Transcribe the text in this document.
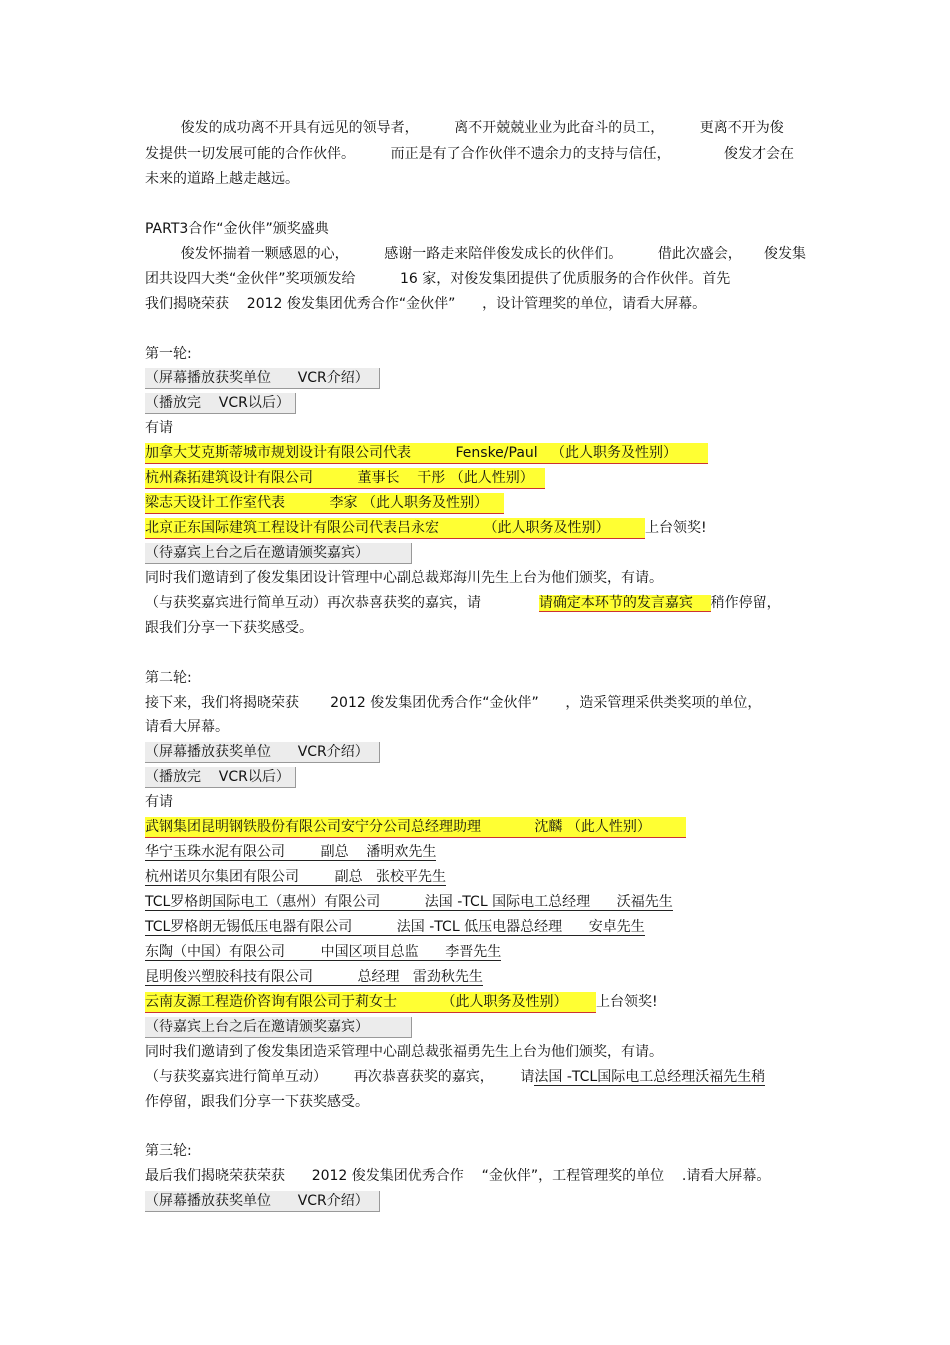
俊发的成功离不开具有远见的领导者，        离不开兢兢业业为此奋斗的员工，        更离不开为俊
发提供一切发展可能的合作伙伴。        而正是有了合作伙伴不遗余力的支持与信任，            俊发才会在
未来的道路上越走越远。
PART3合作“金伙伴”颁奖盛典
俊发怀揣着一颗感恩的心，        感谢一路走来陪伴俊发成长的伙伴们。        借此次盛会，     俊发集
团共设四大类“金伙伴”奖项颁发给          16 家，对俊发集团提供了优质服务的合作伙伴。首先
我们揭晓荣获    2012 俊发集团优秀合作“金伙伴”      ，设计管理奖的单位，请看大屏幕。
第一轮:
（屏幕播放获奖单位      VCR介绍）
（播放完    VCR以后）
有请
加拿大艾克斯蒂城市规划设计有限公司代表          Fenske/Paul   （此人职务及性别）
杭州森拓建筑设计有限公司          董事长    干彤 （此人性别）
梁志天设计工作室代表          李家 （此人职务及性别）
北京正东国际建筑工程设计有限公司代表吕永宏          （此人职务及性别）	上台领奖!
（待嘉宾上台之后在邀请颁奖嘉宾）
同时我们邀请到了俊发集团设计管理中心副总裁郑海川先生上台为他们颁奖，有请。
（与获奖嘉宾进行简单互动）再次恭喜获奖的嘉宾，请             请确定本环节的发言嘉宾    稍作停留，
跟我们分享一下获奖感受。
第二轮:
接下来，我们将揭晓荣获       2012 俊发集团优秀合作“金伙伴”      ，造采管理采供类奖项的单位，
请看大屏幕。
（屏幕播放获奖单位      VCR介绍）
（播放完    VCR以后）
有请
武钢集团昆明钢铁股份有限公司安宁分公司总经理助理            沈麟 （此人性别）
华宁玉珠水泥有限公司        副总    潘明欢先生
杭州诺贝尔集团有限公司        副总   张校平先生
TCL罗格朗国际电工（惠州）有限公司          法国 -TCL 国际电工总经理      沃福先生
TCL罗格朗无锡低压电器有限公司          法国 -TCL 低压电器总经理      安卓先生
东陶（中国）有限公司        中国区项目总监      李晋先生
昆明俊兴塑胶科技有限公司          总经理   雷劲秋先生
云南友源工程造价咨询有限公司于莉女士          （此人职务及性别） 上台领奖!
（待嘉宾上台之后在邀请颁奖嘉宾）
同时我们邀请到了俊发集团造采管理中心副总裁张福勇先生上台为他们颁奖，有请。
（与获奖嘉宾进行简单互动）      再次恭喜获奖的嘉宾，      请法国 -TCL国际电工总经理沃福先生稍
作停留，跟我们分享一下获奖感受。
第三轮:
最后我们揭晓荣获荣获      2012 俊发集团优秀合作    “金伙伴”，工程管理奖的单位    .请看大屏幕。
（屏幕播放获奖单位      VCR介绍）
